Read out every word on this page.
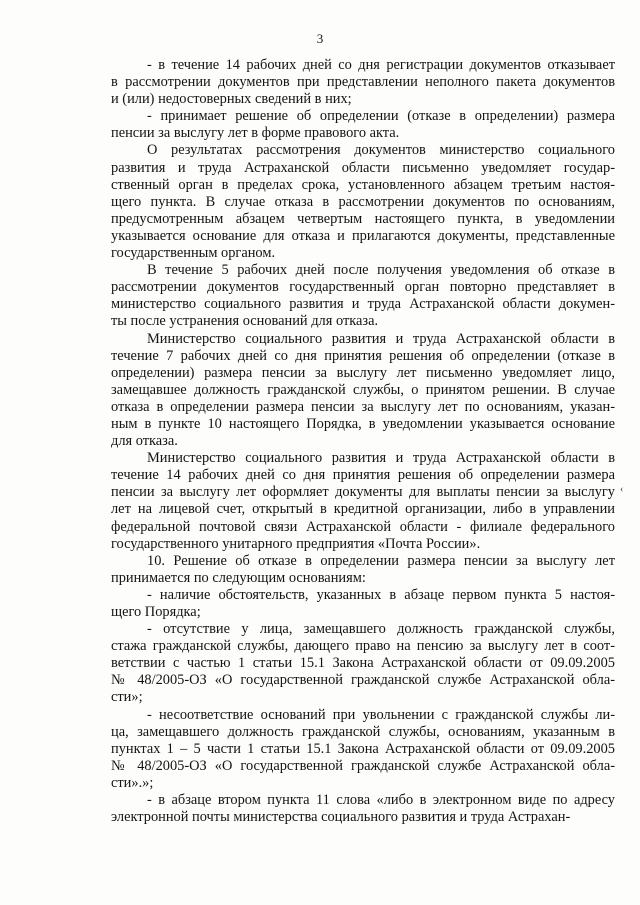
3
- в течение 14 рабочих дней со дня регистрации документов отказывает
в рассмотрении документов при представлении неполного пакета документов
и (или) недостоверных сведений в них;
- принимает решение об определении (отказе в определении) размера
пенсии за выслугу лет в форме правового акта.
О результатах рассмотрения документов министерство социального
развития и труда Астраханской области письменно уведомляет государ-
ственный орган в пределах срока, установленного абзацем третьим настоя-
щего пункта. В случае отказа в рассмотрении документов по основаниям,
предусмотренным абзацем четвертым настоящего пункта, в уведомлении
указывается основание для отказа и прилагаются документы, представленные
государственным органом.
В течение 5 рабочих дней после получения уведомления об отказе в
рассмотрении документов государственный орган повторно представляет в
министерство социального развития и труда Астраханской области докумен-
ты после устранения оснований для отказа.
Министерство социального развития и труда Астраханской области в
течение 7 рабочих дней со дня принятия решения об определении (отказе в
определении) размера пенсии за выслугу лет письменно уведомляет лицо,
замещавшее должность гражданской службы, о принятом решении. В случае
отказа в определении размера пенсии за выслугу лет по основаниям, указан-
ным в пункте 10 настоящего Порядка, в уведомлении указывается основание
для отказа.
Министерство социального развития и труда Астраханской области в
течение 14 рабочих дней со дня принятия решения об определении размера
пенсии за выслугу лет оформляет документы для выплаты пенсии за выслугу
лет на лицевой счет, открытый в кредитной организации, либо в управлении
федеральной почтовой связи Астраханской области - филиале федерального
государственного унитарного предприятия «Почта России».
10. Решение об отказе в определении размера пенсии за выслугу лет
принимается по следующим основаниям:
- наличие обстоятельств, указанных в абзаце первом пункта 5 настоя-
щего Порядка;
- отсутствие у лица, замещавшего должность гражданской службы,
стажа гражданской службы, дающего право на пенсию за выслугу лет в соот-
ветствии с частью 1 статьи 15.1 Закона Астраханской области от 09.09.2005
№ 48/2005-ОЗ «О государственной гражданской службе Астраханской обла-
сти»;
- несоответствие оснований при увольнении с гражданской службы ли-
ца, замещавшего должность гражданской службы, основаниям, указанным в
пунктах 1 – 5 части 1 статьи 15.1 Закона Астраханской области от 09.09.2005
№ 48/2005-ОЗ «О государственной гражданской службе Астраханской обла-
сти».»;
- в абзаце втором пункта 11 слова «либо в электронном виде по адресу
электронной почты министерства социального развития и труда Астрахан-
‹
